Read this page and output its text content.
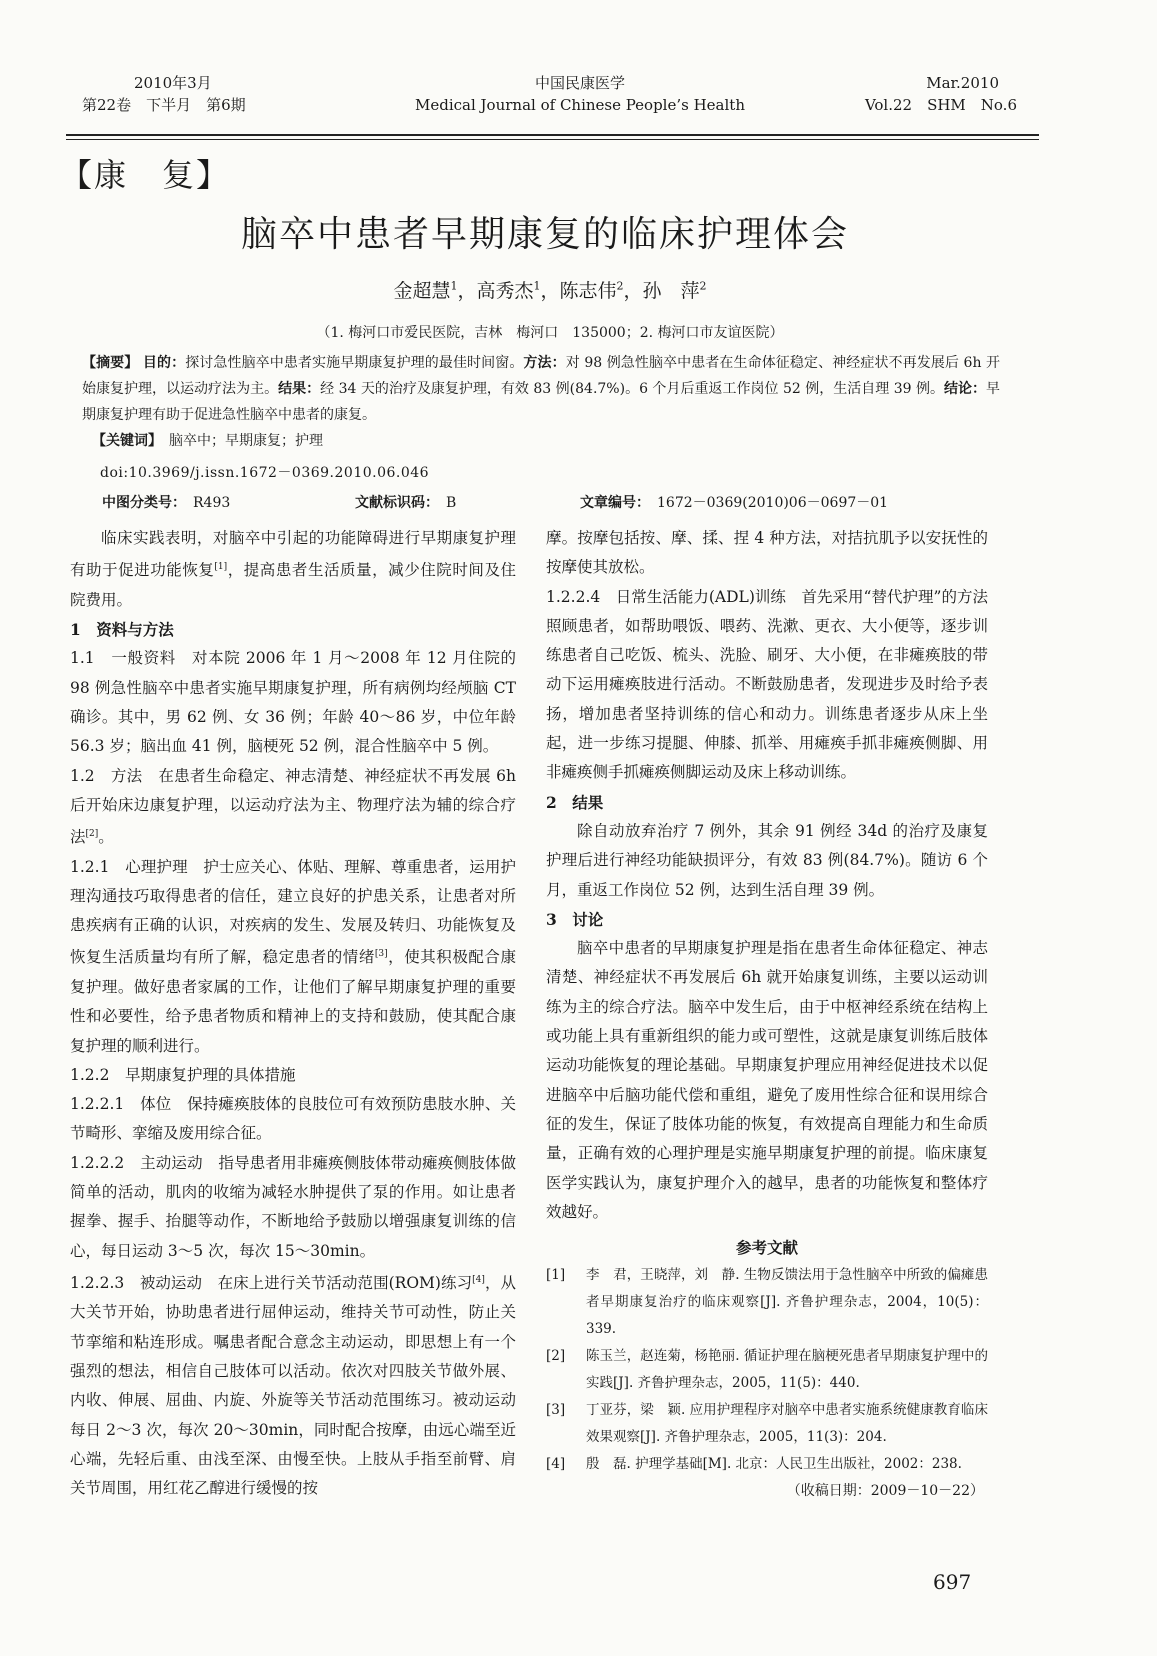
2010年3月
第22卷　下半月　第6期
中国民康医学
Medical Journal of Chinese People’s Health
Mar.2010
Vol.22　SHM　No.6
【康　复】
脑卒中患者早期康复的临床护理体会
金超慧$^1$，高秀杰$^1$，陈志伟$^2$，孙　萍$^2$
（1. 梅河口市爱民医院，吉林　梅河口　135000；2. 梅河口市友谊医院）
【摘要】 目的：探讨急性脑卒中患者实施早期康复护理的最佳时间窗。方法：对 98 例急性脑卒中患者在生命体征稳定、神经症状不再发展后 6h 开始康复护理，以运动疗法为主。结果：经 34 天的治疗及康复护理，有效 83 例(84.7%)。6 个月后重返工作岗位 52 例，生活自理 39 例。结论：早期康复护理有助于促进急性脑卒中患者的康复。
【关键词】　 脑卒中；早期康复；护理
doi:10.3969/j.issn.1672－0369.2010.06.046
中图分类号：　 R493	文献标识码：　 B	文章编号：　 1672－0369(2010)06－0697－01

临床实践表明，对脑卒中引起的功能障碍进行早期康复护理有助于促进功能恢复[1]，提高患者生活质量，减少住院时间及住院费用。

1　资料与方法

1.1　一般资料　对本院 2006 年 1 月～2008 年 12 月住院的 98 例急性脑卒中患者实施早期康复护理，所有病例均经颅脑 CT 确诊。其中，男 62 例、女 36 例；年龄 40～86 岁，中位年龄 56.3 岁；脑出血 41 例，脑梗死 52 例，混合性脑卒中 5 例。

1.2　方法　在患者生命稳定、神志清楚、神经症状不再发展 6h 后开始床边康复护理，以运动疗法为主、物理疗法为辅的综合疗法[2]。

1.2.1　心理护理　护士应关心、体贴、理解、尊重患者，运用护理沟通技巧取得患者的信任，建立良好的护患关系，让患者对所患疾病有正确的认识，对疾病的发生、发展及转归、功能恢复及恢复生活质量均有所了解，稳定患者的情绪[3]，使其积极配合康复护理。做好患者家属的工作，让他们了解早期康复护理的重要性和必要性，给予患者物质和精神上的支持和鼓励，使其配合康复护理的顺利进行。

1.2.2　早期康复护理的具体措施

1.2.2.1　体位　保持瘫痪肢体的良肢位可有效预防患肢水肿、关节畸形、挛缩及废用综合征。

1.2.2.2　主动运动　指导患者用非瘫痪侧肢体带动瘫痪侧肢体做简单的活动，肌肉的收缩为减轻水肿提供了泵的作用。如让患者握拳、握手、抬腿等动作，不断地给予鼓励以增强康复训练的信心，每日运动 3～5 次，每次 15～30min。

1.2.2.3　被动运动　在床上进行关节活动范围(ROM)练习[4]，从大关节开始，协助患者进行屈伸运动，维持关节可动性，防止关节挛缩和粘连形成。嘱患者配合意念主动运动，即思想上有一个强烈的想法，相信自己肢体可以活动。依次对四肢关节做外展、内收、伸展、屈曲、内旋、外旋等关节活动范围练习。被动运动每日 2～3 次，每次 20～30min，同时配合按摩，由远心端至近心端，先轻后重、由浅至深、由慢至快。上肢从手指至前臂、肩关节周围，用红花乙醇进行缓慢的按

摩。按摩包括按、摩、揉、捏 4 种方法，对拮抗肌予以安抚性的按摩使其放松。

1.2.2.4　日常生活能力(ADL)训练　首先采用“替代护理”的方法照顾患者，如帮助喂饭、喂药、洗漱、更衣、大小便等，逐步训练患者自己吃饭、梳头、洗脸、刷牙、大小便，在非瘫痪肢的带动下运用瘫痪肢进行活动。不断鼓励患者，发现进步及时给予表扬，增加患者坚持训练的信心和动力。训练患者逐步从床上坐起，进一步练习提腿、伸膝、抓举、用瘫痪手抓非瘫痪侧脚、用非瘫痪侧手抓瘫痪侧脚运动及床上移动训练。

2　结果

除自动放弃治疗 7 例外，其余 91 例经 34d 的治疗及康复护理后进行神经功能缺损评分，有效 83 例(84.7%)。随访 6 个月，重返工作岗位 52 例，达到生活自理 39 例。

3　讨论

脑卒中患者的早期康复护理是指在患者生命体征稳定、神志清楚、神经症状不再发展后 6h 就开始康复训练，主要以运动训练为主的综合疗法。脑卒中发生后，由于中枢神经系统在结构上或功能上具有重新组织的能力或可塑性，这就是康复训练后肢体运动功能恢复的理论基础。早期康复护理应用神经促进技术以促进脑卒中后脑功能代偿和重组，避免了废用性综合征和误用综合征的发生，保证了肢体功能的恢复，有效提高自理能力和生命质量，正确有效的心理护理是实施早期康复护理的前提。临床康复医学实践认为，康复护理介入的越早，患者的功能恢复和整体疗效越好。

参考文献

[1]	李　君，王晓萍，刘　静. 生物反馈法用于急性脑卒中所致的偏瘫患者早期康复治疗的临床观察[J]. 齐鲁护理杂志，2004，10(5)：339.
[2]	陈玉兰，赵连菊，杨艳丽. 循证护理在脑梗死患者早期康复护理中的实践[J]. 齐鲁护理杂志，2005，11(5)：440.
[3]	丁亚芬，梁　颖. 应用护理程序对脑卒中患者实施系统健康教育临床效果观察[J]. 齐鲁护理杂志，2005，11(3)：204.
[4]	殷　磊. 护理学基础[M]. 北京：人民卫生出版社，2002：238.
（收稿日期：2009－10－22）
697
